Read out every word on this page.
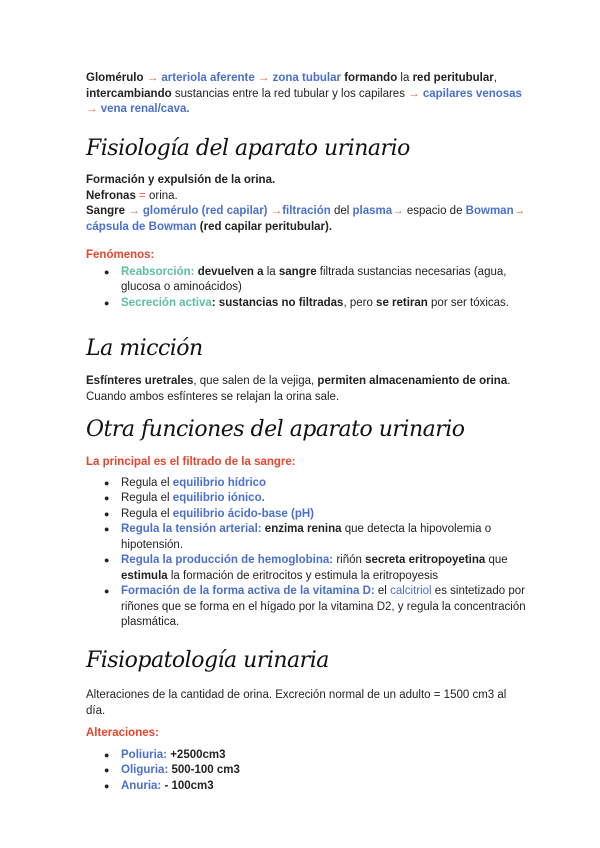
Glomérulo → arteriola aferente → zona tubular formando la red peritubular,
intercambiando sustancias entre la red tubular y los capilares → capilares venosas
→ vena renal/cava.
Fisiología del aparato urinario
Formación y expulsión de la orina.
Nefronas = orina.
Sangre → glomérulo (red capilar) →filtración del plasma→ espacio de Bowman→
cápsula de Bowman (red capilar peritubular).
Fenómenos:
● Reabsorción: devuelven a la sangre filtrada sustancias necesarias (agua, glucosa o aminoácidos)
● Secreción activa: sustancias no filtradas, pero se retiran por ser tóxicas.
La micción
Esfínteres uretrales, que salen de la vejiga, permiten almacenamiento de orina.
Cuando ambos esfínteres se relajan la orina sale.
Otra funciones del aparato urinario
La principal es el filtrado de la sangre:
● Regula el equilibrio hídrico
● Regula el equilibrio iónico.
● Regula el equilibrio ácido-base (pH)
● Regula la tensión arterial: enzima renina que detecta la hipovolemia o hipotensión.
● Regula la producción de hemoglobina: riñón secreta eritropoyetina que estimula la formación de eritrocitos y estimula la eritropoyesis
● Formación de la forma activa de la vitamina D: el calcitriol es sintetizado por riñones que se forma en el hígado por la vitamina D2, y regula la concentración plasmática.
Fisiopatología urinaria
Alteraciones de la cantidad de orina. Excreción normal de un adulto = 1500 cm3 al día.
Alteraciones:
● Poliuria: +2500cm3
● Oliguria: 500-100 cm3
● Anuria: - 100cm3
